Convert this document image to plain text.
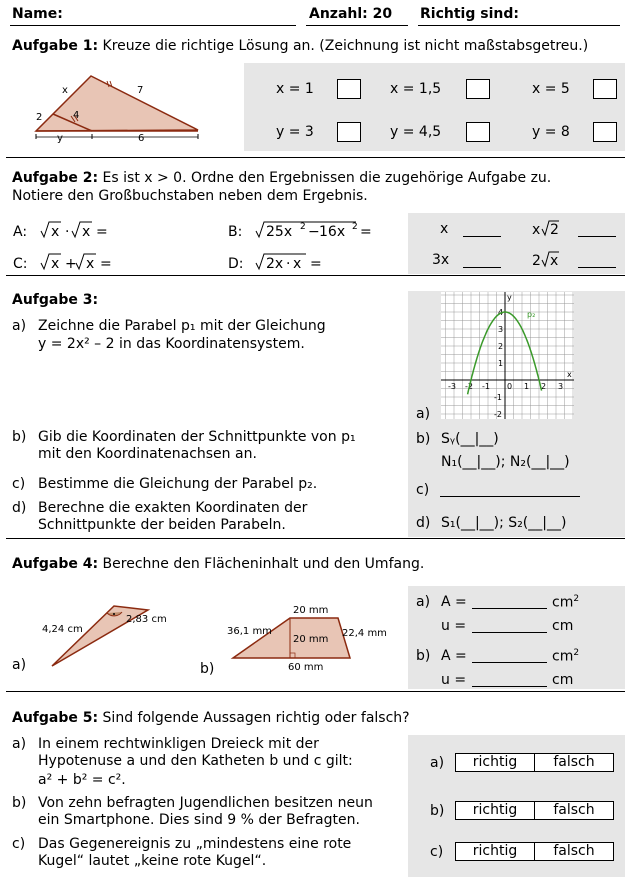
Name:	Anzahl: 20 Richtig sind:
Aufgabe 1: Kreuze die richtige Lösung an. (Zeichnung ist nicht maßstabsgetreu.)
x	7
2	4
y	6
x = 1	x = 1,5	x = 5
y = 3	y = 4,5	y = 8
Aufgabe 2: Es ist x > 0. Ordne den Ergebnissen die zugehörige Aufgabe zu.
Notiere den Großbuchstaben neben dem Ergebnis.
A: x · x =	B: 25x 2 − 16x 2 =
C: x + x =	D: 2x · x =
x	x 2
3x	2 x
Aufgabe 3:
a) Zeichne die Parabel p₁ mit der Gleichung
y = 2x² – 2 in das Koordinatensystem.
b) Gib die Koordinaten der Schnittpunkte von p₁
mit den Koordinatenachsen an.
c) Bestimme die Gleichung der Parabel p₂.
d) Berechne die exakten Koordinaten der
Schnittpunkte der beiden Parabeln.
-3 -2 -1 0 1 2 3
4
3
2
1
-1
-2
p₂
x
y
a)
b) Sᵧ(__|__)
N₁(__|__); N₂(__|__)
c)
d) S₁(__|__); S₂(__|__)
Aufgabe 4: Berechne den Flächeninhalt und den Umfang.
4,24 cm
2,83 cm
a)
20 mm
36,1 mm
20 mm
22,4 mm
60 mm
b)
a) A =	$cm^2$
u =	cm
b) A =	$cm^2$
u =	cm
Aufgabe 5: Sind folgende Aussagen richtig oder falsch?
a) In einem rechtwinkligen Dreieck mit der
Hypotenuse a und den Katheten b und c gilt:
a² + b² = c².
b) Von zehn befragten Jugendlichen besitzen neun
ein Smartphone. Dies sind 9 % der Befragten.
c) Das Gegenereignis zu „mindestens eine rote
Kugel“ lautet „keine rote Kugel“.
a)	richtig	falsch
b)	richtig	falsch
c)	richtig	falsch
